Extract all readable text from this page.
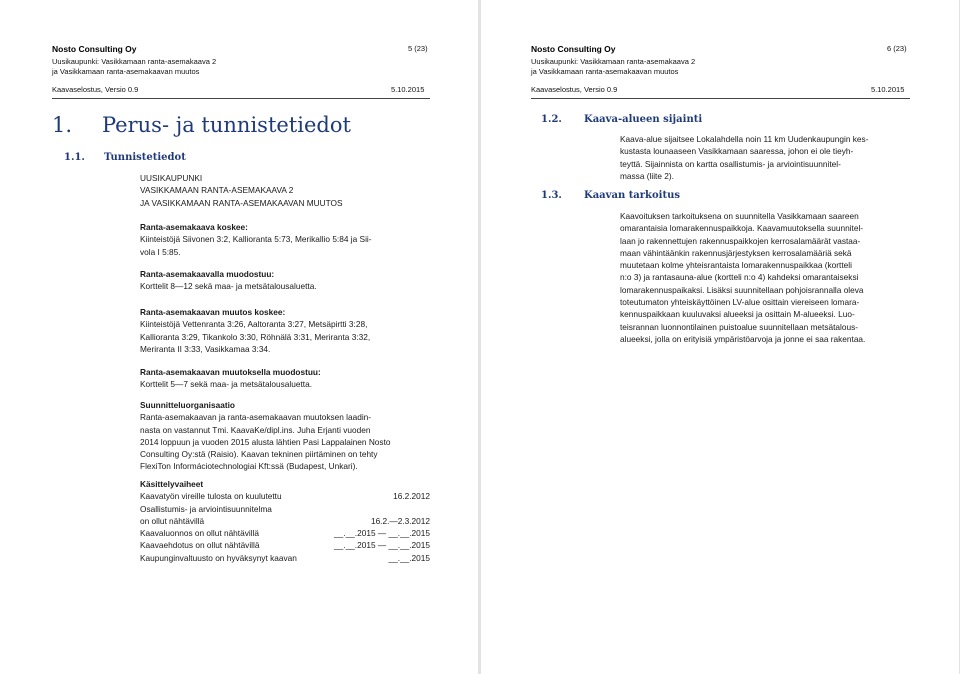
Nosto Consulting Oy
Uusikaupunki: Vasikkamaan ranta-asemakaava 2
ja Vasikkamaan ranta-asemakaavan muutos
5 (23)
Kaavaselostus, Versio 0.9	5.10.2015
1. Perus- ja tunnistetiedot
1.1. Tunnistetiedot
UUSIKAUPUNKI
VASIKKAMAAN RANTA-ASEMAKAAVA 2
JA VASIKKAMAAN RANTA-ASEMAKAAVAN MUUTOS
Ranta-asemakaava koskee:
Kiinteistöjä Siivonen 3:2, Kallioranta 5:73, Merikallio 5:84 ja Sii-
vola I 5:85.
Ranta-asemakaavalla muodostuu:
Korttelit 8—12 sekä maa- ja metsätalousaluetta.
Ranta-asemakaavan muutos koskee:
Kiinteistöjä Vettenranta 3:26, Aaltoranta 3:27, Metsäpirtti 3:28,
Kallioranta 3:29, Tikankolo 3:30, Röhnälä 3:31, Meriranta 3:32,
Meriranta II 3:33, Vasikkamaa 3:34.
Ranta-asemakaavan muutoksella muodostuu:
Korttelit 5—7 sekä maa- ja metsätalousaluetta.
Suunnitteluorganisaatio
Ranta-asemakaavan ja ranta-asemakaavan muutoksen laadin-
nasta on vastannut Tmi. KaavaKe/dipl.ins. Juha Erjanti vuoden
2014 loppuun ja vuoden 2015 alusta lähtien Pasi Lappalainen Nosto
Consulting Oy:stä (Raisio). Kaavan tekninen piirtäminen on tehty
FlexiTon Informácioteсhnologiai Kft:ssä (Budapest, Unkari).
Käsittelyvaiheet
Kaavatyön vireille tulosta on kuulutettu	16.2.2012
Osallistumis- ja arviointisuunnitelma
on ollut nähtävillä	16.2.—2.3.2012
Kaavaluonnos on ollut nähtävillä	__.__.2015 — __.__.2015
Kaavaehdotus on ollut nähtävillä	__.__.2015 — __.__.2015
Kaupunginvaltuusto on hyväksynyt kaavan	__.__.2015
Nosto Consulting Oy
Uusikaupunki: Vasikkamaan ranta-asemakaava 2
ja Vasikkamaan ranta-asemakaavan muutos
6 (23)
Kaavaselostus, Versio 0.9	5.10.2015
1.2. Kaava-alueen sijainti
Kaava-alue sijaitsee Lokalahdella noin 11 km Uudenkaupungin kes-
kustasta lounaaseen Vasikkamaan saaressa, johon ei ole tieyh-
teyttä. Sijainnista on kartta osallistumis- ja arviointisuunnitel-
massa (liite 2).
1.3. Kaavan tarkoitus
Kaavoituksen tarkoituksena on suunnitella Vasikkamaan saareen
omarantaisia lomarakennuspaikkoja. Kaavamuutoksella suunnitel-
laan jo rakennettujen rakennuspaikkojen kerrosalamäärät vastaa-
maan vähintäänkin rakennusjärjestyksen kerrosalamääriä sekä
muutetaan kolme yhteisrantaista lomarakennuspaikkaa (kortteli
n:o 3) ja rantasauna-alue (kortteli n:o 4) kahdeksi omarantaiseksi
lomarakennuspaikaksi. Lisäksi suunnitellaan pohjoisrannalla oleva
toteutumaton yhteiskäyttöinen LV-alue osittain viereiseen lomara-
kennuspaikkaan kuuluvaksi alueeksi ja osittain M-alueeksi. Luo-
teisrannan luonnontilainen puistoalue suunnitellaan metsätalous-
alueeksi, jolla on erityisiä ympäristöarvoja ja jonne ei saa rakentaa.
